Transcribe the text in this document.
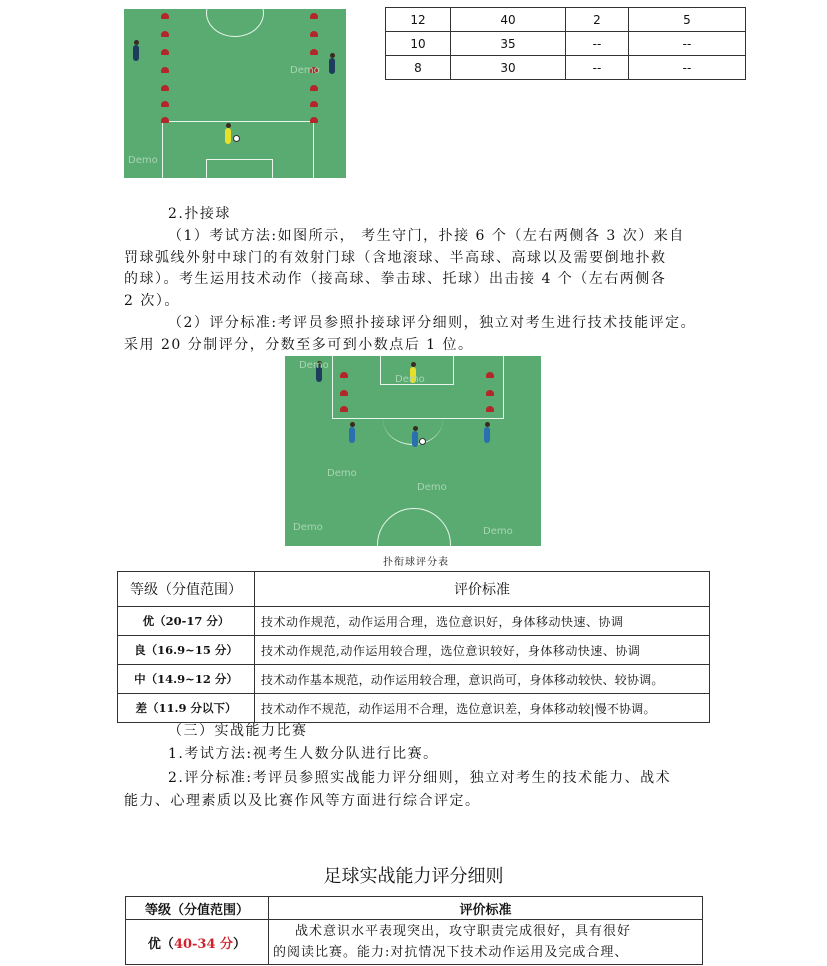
Demo
Demo
12	40	2	5
10	35	--	--
8	30	--	--
2.扑接球
（1）考试方法:如图所示， 考生守门，扑接 6 个（左右两侧各 3 次）来自
罚球弧线外射中球门的有效射门球（含地滚球、半高球、高球以及需要倒地扑救
的球）。考生运用技术动作（接高球、拳击球、托球）出击接 4 个（左右两侧各
2 次）。
（2）评分标准:考评员参照扑接球评分细则，独立对考生进行技术技能评定。
采用 20 分制评分，分数至多可到小数点后 1 位。
Demo
Demo
Demo
Demo
Demo	Demo
扑衔球评分表
等级（分值范围）	评价标准
优（20-17 分）	技术动作规范，动作运用合理，选位意识好，身体移动快速、协调
良（16.9~15 分）	技术动作规范,动作运用较合理，选位意识较好，身体移动快速、协调
中（14.9~12 分）	技术动作基本规范，动作运用较合理，意识尚可，身体移动较快、较协调。
差（11.9 分以下）	技术动作不规范，动作运用不合理，选位意识差，身体移动较|慢不协调。
（三）实战能力比赛
1.考试方法:视考生人数分队进行比赛。
2.评分标准:考评员参照实战能力评分细则，独立对考生的技术能力、战术
能力、心理素质以及比赛作风等方面进行综合评定。
足球实战能力评分细则
等级（分值范围）	评价标准
优（40-34 分）	战术意识水平表现突出，攻守职责完成很好，具有很好
的阅读比赛。能力:对抗情况下技术动作运用及完成合理、
